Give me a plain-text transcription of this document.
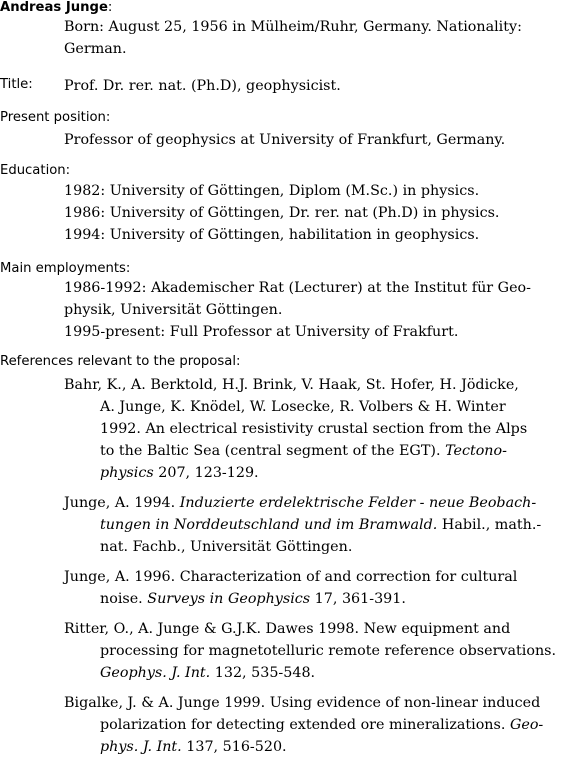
Andreas Junge:
Born: August 25, 1956 in Mülheim/Ruhr, Germany. Nationality:
German.
Title: Prof. Dr. rer. nat. (Ph.D), geophysicist.
Present position:
Professor of geophysics at University of Frankfurt, Germany.
Education:
1982: University of Göttingen, Diplom (M.Sc.) in physics.
1986: University of Göttingen, Dr. rer. nat (Ph.D) in physics.
1994: University of Göttingen, habilitation in geophysics.
Main employments:
1986-1992: Akademischer Rat (Lecturer) at the Institut für Geo-
physik, Universität Göttingen.
1995-present: Full Professor at University of Frakfurt.
References relevant to the proposal:
Bahr, K., A. Berktold, H.J. Brink, V. Haak, St. Hofer, H. Jödicke,
A. Junge, K. Knödel, W. Losecke, R. Volbers & H. Winter
1992. An electrical resistivity crustal section from the Alps
to the Baltic Sea (central segment of the EGT). Tectono-
physics 207, 123-129.
Junge, A. 1994. Induzierte erdelektrische Felder - neue Beobach-
tungen in Norddeutschland und im Bramwald. Habil., math.-
nat. Fachb., Universität Göttingen.
Junge, A. 1996. Characterization of and correction for cultural
noise. Surveys in Geophysics 17, 361-391.
Ritter, O., A. Junge & G.J.K. Dawes 1998. New equipment and
processing for magnetotelluric remote reference observations.
Geophys. J. Int. 132, 535-548.
Bigalke, J. & A. Junge 1999. Using evidence of non-linear induced
polarization for detecting extended ore mineralizations. Geo-
phys. J. Int. 137, 516-520.
